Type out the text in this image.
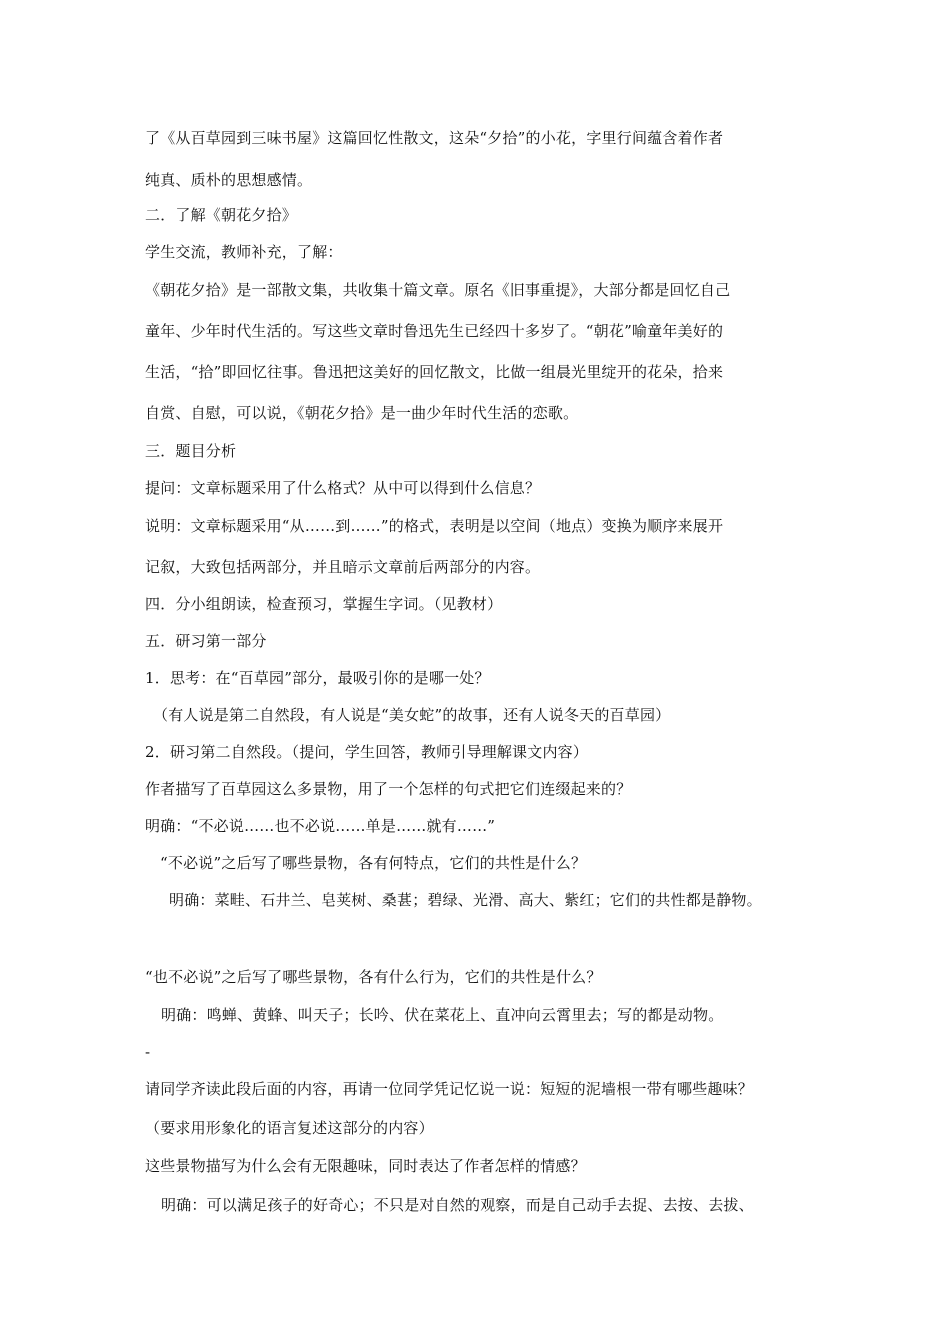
了《从百草园到三味书屋》这篇回忆性散文，这朵“夕拾”的小花，字里行间蕴含着作者
纯真、质朴的思想感情。
二．了解《朝花夕拾》
学生交流，教师补充，了解：
《朝花夕拾》是一部散文集，共收集十篇文章。原名《旧事重提》，大部分都是回忆自己
童年、少年时代生活的。写这些文章时鲁迅先生已经四十多岁了。“朝花”喻童年美好的
生活，“拾”即回忆往事。鲁迅把这美好的回忆散文，比做一组晨光里绽开的花朵，拾来
自赏、自慰，可以说，《朝花夕拾》是一曲少年时代生活的恋歌。
三．题目分析
提问：文章标题采用了什么格式？从中可以得到什么信息？
说明：文章标题采用“从……到……”的格式，表明是以空间（地点）变换为顺序来展开
记叙，大致包括两部分，并且暗示文章前后两部分的内容。
四．分小组朗读，检查预习，掌握生字词。（见教材）
五．研习第一部分
1．思考：在“百草园”部分，最吸引你的是哪一处？
（有人说是第二自然段，有人说是“美女蛇”的故事，还有人说冬天的百草园）
2．研习第二自然段。（提问，学生回答，教师引导理解课文内容）
作者描写了百草园这么多景物，用了一个怎样的句式把它们连缀起来的？
明确：“不必说……也不必说……单是……就有……”
“不必说”之后写了哪些景物，各有何特点，它们的共性是什么？
明确：菜畦、石井兰、皂荚树、桑葚；碧绿、光滑、高大、紫红；它们的共性都是静物。
“也不必说”之后写了哪些景物，各有什么行为，它们的共性是什么？
明确：鸣蝉、黄蜂、叫天子；长吟、伏在菜花上、直冲向云霄里去；写的都是动物。
-
请同学齐读此段后面的内容，再请一位同学凭记忆说一说：短短的泥墙根一带有哪些趣味？
（要求用形象化的语言复述这部分的内容）
这些景物描写为什么会有无限趣味，同时表达了作者怎样的情感？
明确：可以满足孩子的好奇心；不只是对自然的观察，而是自己动手去捉、去按、去拔、
